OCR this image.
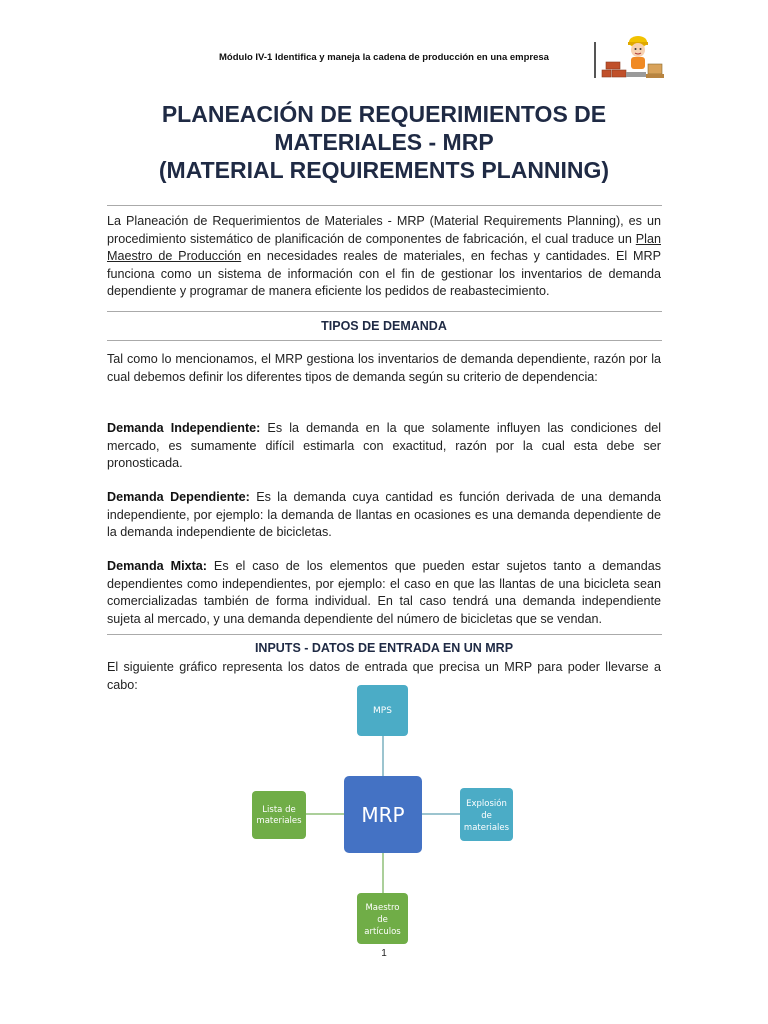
Módulo IV-1 Identifica y maneja la cadena de producción en una empresa
PLANEACIÓN DE REQUERIMIENTOS DE
MATERIALES - MRP
(MATERIAL REQUIREMENTS PLANNING)
La Planeación de Requerimientos de Materiales - MRP (Material Requirements Planning), es un procedimiento sistemático de planificación de componentes de fabricación, el cual traduce un Plan Maestro de Producción en necesidades reales de materiales, en fechas y cantidades. El MRP funciona como un sistema de información con el fin de gestionar los inventarios de demanda dependiente y programar de manera eficiente los pedidos de reabastecimiento.
TIPOS DE DEMANDA
Tal como lo mencionamos, el MRP gestiona los inventarios de demanda dependiente, razón por la cual debemos definir los diferentes tipos de demanda según su criterio de dependencia:
Demanda Independiente: Es la demanda en la que solamente influyen las condiciones del mercado, es sumamente difícil estimarla con exactitud, razón por la cual esta debe ser pronosticada.
Demanda Dependiente: Es la demanda cuya cantidad es función derivada de una demanda independiente, por ejemplo: la demanda de llantas en ocasiones es una demanda dependiente de la demanda independiente de bicicletas.
Demanda Mixta: Es el caso de los elementos que pueden estar sujetos tanto a demandas dependientes como independientes, por ejemplo: el caso en que las llantas de una bicicleta sean comercializadas también de forma individual. En tal caso tendrá una demanda independiente sujeta al mercado, y una demanda dependiente del número de bicicletas que se vendan.
INPUTS - DATOS DE ENTRADA EN UN MRP
El siguiente gráfico representa los datos de entrada que precisa un MRP para poder llevarse a cabo:
MPS
MRP
Lista de
materiales
Explosión
de
materiales
Maestro
de
artículos
1
